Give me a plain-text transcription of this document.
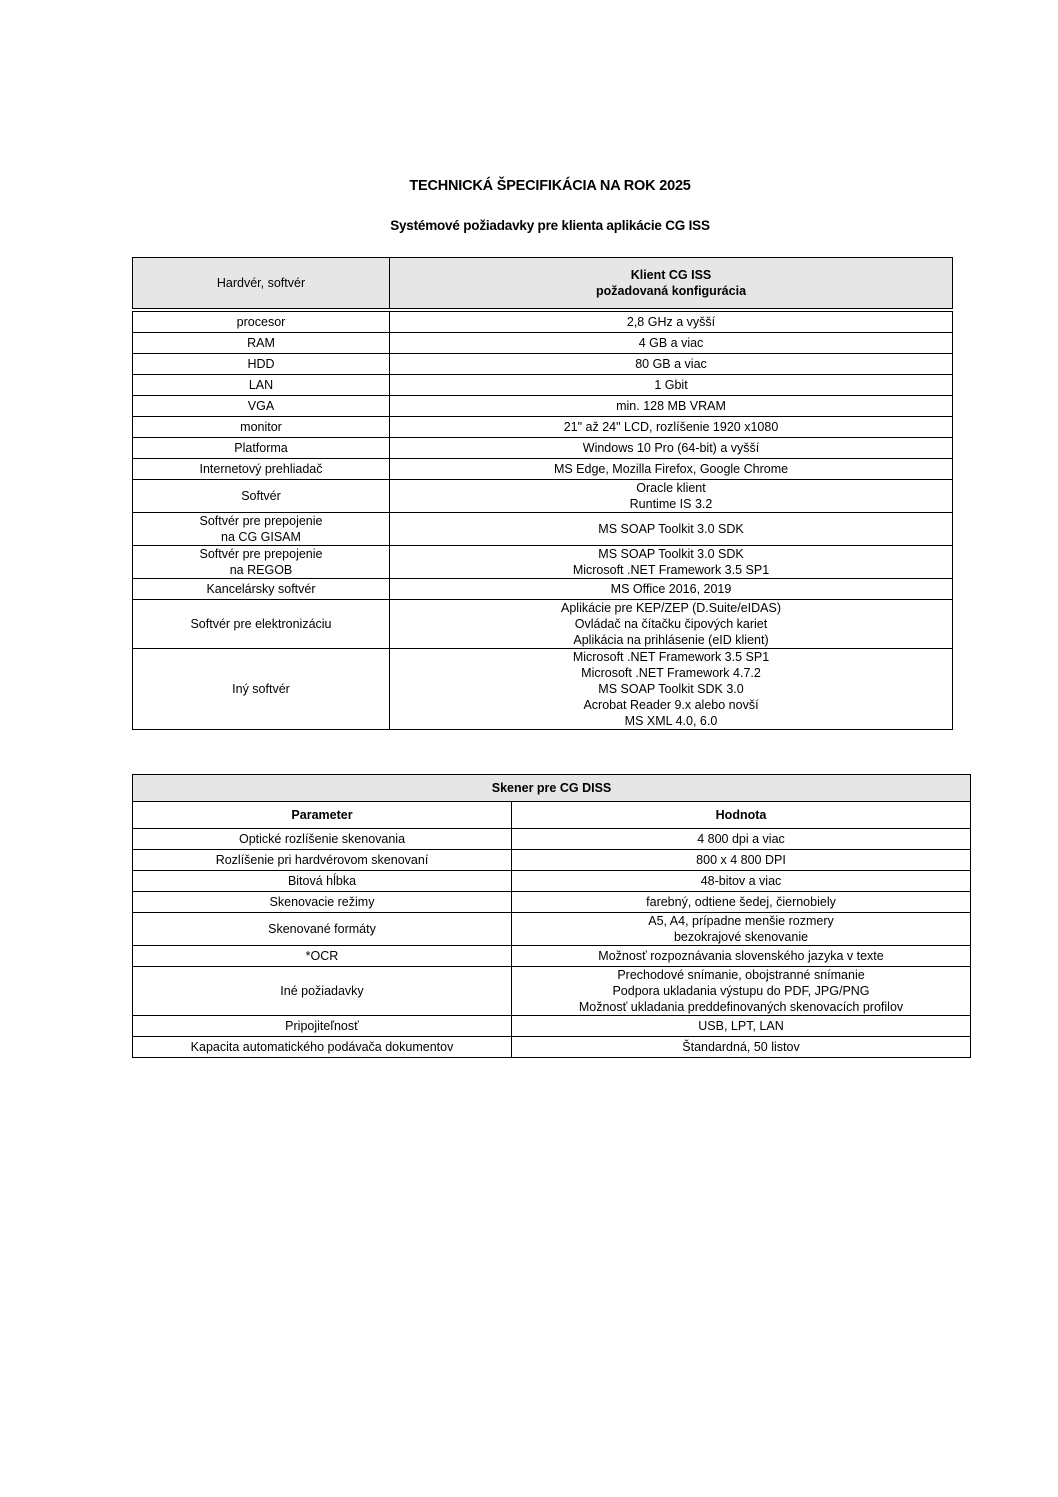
TECHNICKÁ ŠPECIFIKÁCIA NA ROK 2025
Systémové požiadavky pre klienta aplikácie CG ISS
Hardvér, softvér	Klient CG ISS
požadovaná konfigurácia

procesor	2,8 GHz a vyšší

RAM	4 GB a viac

HDD	80 GB a viac

LAN	1 Gbit

VGA	min. 128 MB VRAM

monitor	21" až 24" LCD, rozlíšenie 1920 x1080

Platforma	Windows 10 Pro (64-bit) a vyšší

Internetový prehliadač	MS Edge, Mozilla Firefox, Google Chrome

Softvér	Oracle klient
Runtime IS 3.2

Softvér pre prepojenie
na CG GISAM	MS SOAP Toolkit 3.0 SDK

Softvér pre prepojenie
na REGOB	MS SOAP Toolkit 3.0 SDK
Microsoft .NET Framework 3.5 SP1

Kancelársky softvér	MS Office 2016, 2019

Softvér pre elektronizáciu	Aplikácie pre KEP/ZEP (D.Suite/eIDAS)
Ovládač na čítačku čipových kariet
Aplikácia na prihlásenie (eID klient)

Iný softvér	Microsoft .NET Framework 3.5 SP1
Microsoft .NET Framework 4.7.2
MS SOAP Toolkit SDK 3.0
Acrobat Reader 9.x alebo novší
MS XML 4.0, 6.0
Skener pre CG DISS	
Parameter	Hodnota

Optické rozlíšenie skenovania	4 800 dpi a viac

Rozlíšenie pri hardvérovom skenovaní	800 x 4 800 DPI

Bitová hĺbka	48-bitov a viac

Skenovacie režimy	farebný, odtiene šedej, čiernobiely

Skenované formáty	A5, A4, prípadne menšie rozmery
bezokrajové skenovanie

*OCR	Možnosť rozpoznávania slovenského jazyka v texte

Iné požiadavky	Prechodové snímanie, obojstranné snímanie
Podpora ukladania výstupu do PDF, JPG/PNG
Možnosť ukladania preddefinovaných skenovacích profilov

Pripojiteľnosť	USB, LPT, LAN

Kapacita automatického podávača dokumentov	Štandardná, 50 listov
